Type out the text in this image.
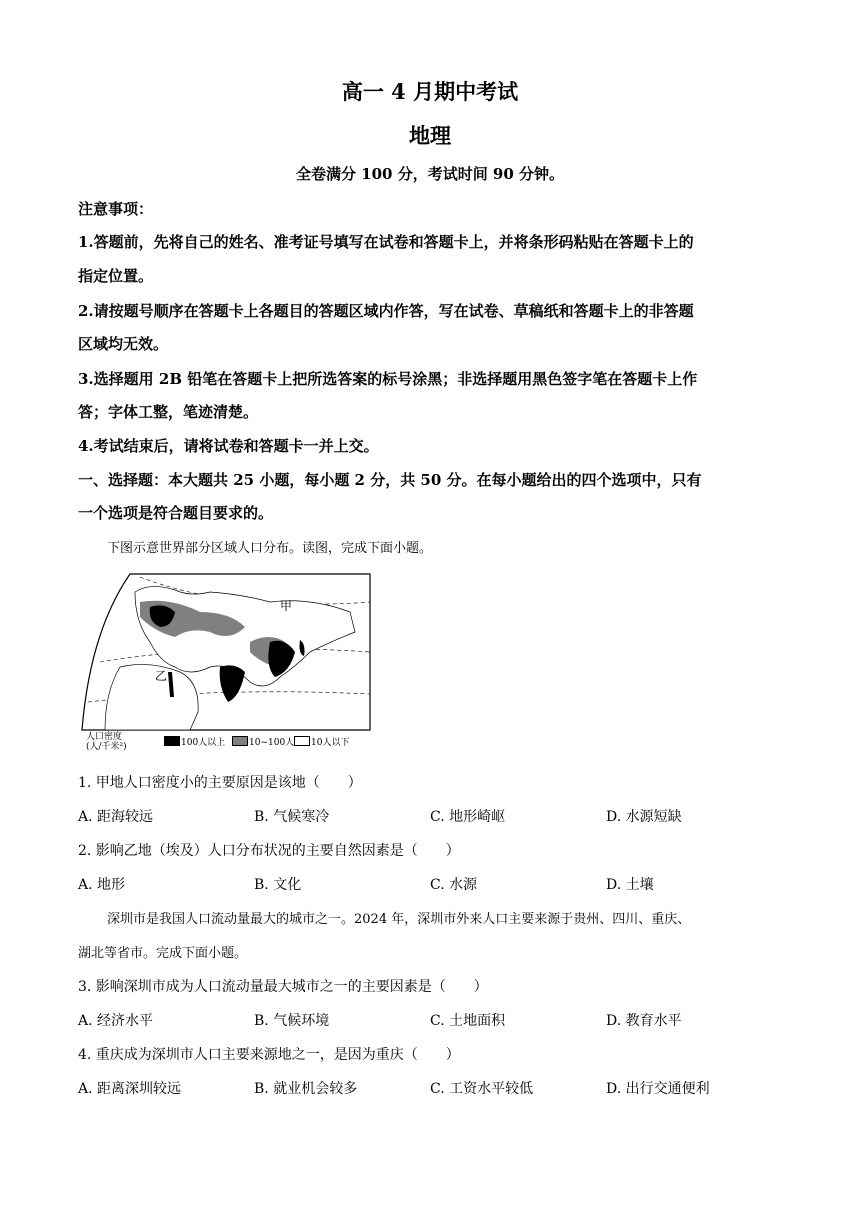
高一 4 月期中考试
地理
全卷满分 100 分，考试时间 90 分钟。
注意事项：
1.答题前，先将自己的姓名、准考证号填写在试卷和答题卡上，并将条形码粘贴在答题卡上的
指定位置。
2.请按题号顺序在答题卡上各题目的答题区域内作答，写在试卷、草稿纸和答题卡上的非答题
区域均无效。
3.选择题用 2B 铅笔在答题卡上把所选答案的标号涂黑；非选择题用黑色签字笔在答题卡上作
答；字体工整，笔迹清楚。
4.考试结束后，请将试卷和答题卡一并上交。
一、选择题：本大题共 25 小题，每小题 2 分，共 50 分。在每小题给出的四个选项中，只有
一个选项是符合题目要求的。
下图示意世界部分区域人口分布。读图，完成下面小题。
甲
乙
人口密度
(人/千米²)	100人以上	10~100人 10人以下
1. 甲地人口密度小的主要原因是该地（　　）
A. 距海较远	B. 气候寒冷	C. 地形崎岖	D. 水源短缺
2. 影响乙地（埃及）人口分布状况的主要自然因素是（　　）
A. 地形	B. 文化	C. 水源	D. 土壤
深圳市是我国人口流动量最大的城市之一。2024 年，深圳市外来人口主要来源于贵州、四川、重庆、
湖北等省市。完成下面小题。
3. 影响深圳市成为人口流动量最大城市之一的主要因素是（　　）
A. 经济水平	B. 气候环境	C. 土地面积	D. 教育水平
4. 重庆成为深圳市人口主要来源地之一，是因为重庆（　　）
A. 距离深圳较远	B. 就业机会较多	C. 工资水平较低	D. 出行交通便利
